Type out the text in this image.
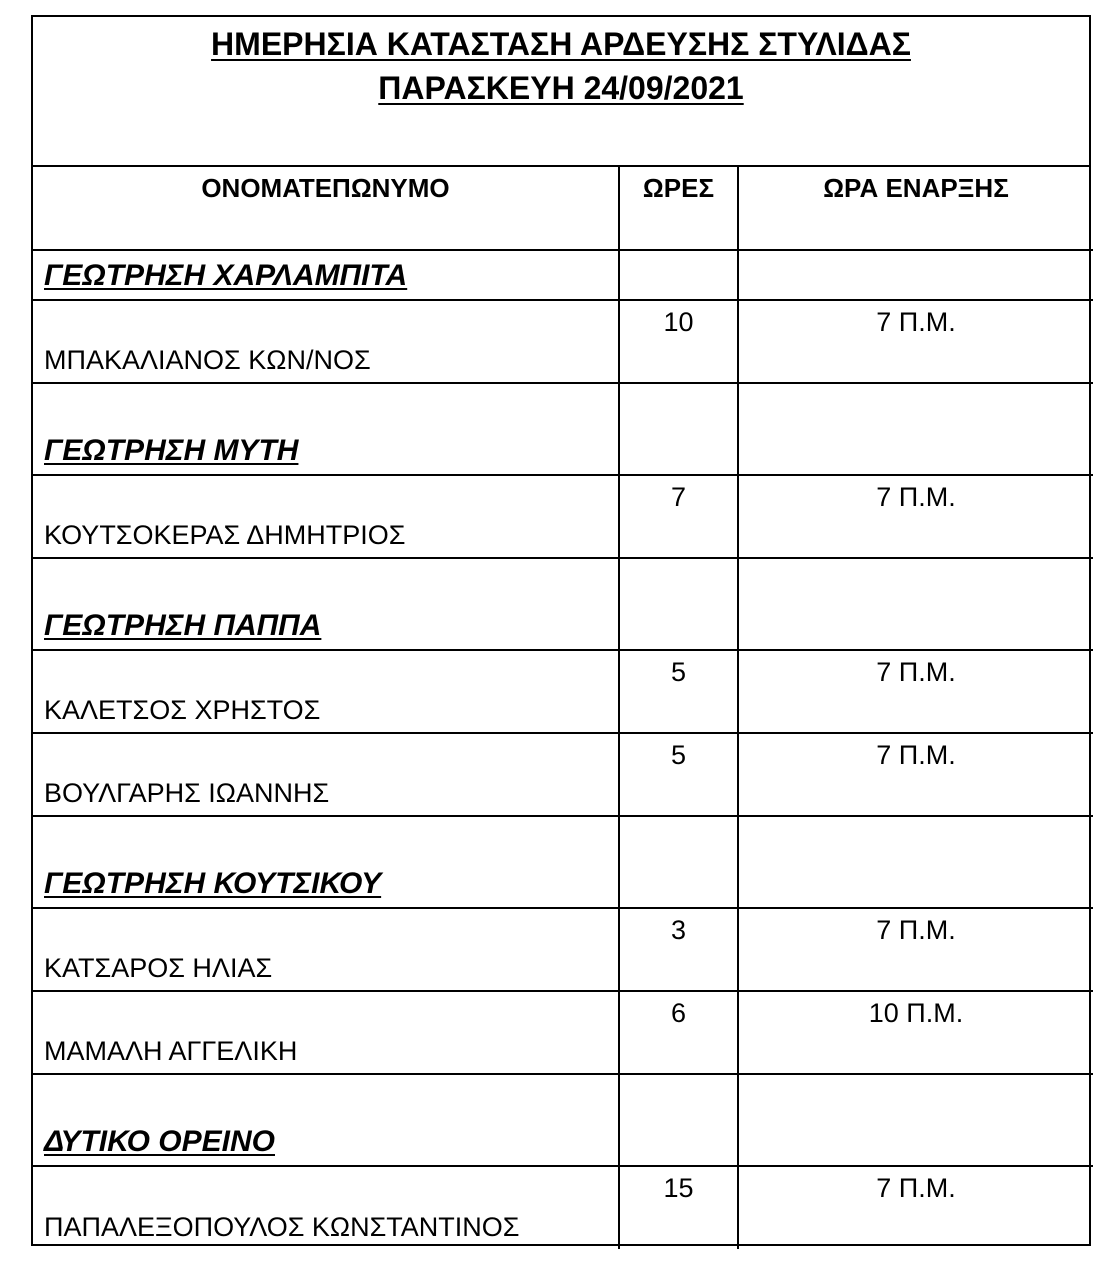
ΗΜΕΡΗΣΙΑ ΚΑΤΑΣΤΑΣΗ ΑΡΔΕΥΣΗΣ ΣΤΥΛΙΔΑΣ
ΠΑΡΑΣΚΕΥΗ 24/09/2021
ΟΝΟΜΑΤΕΠΩΝΥΜΟ	ΩΡΕΣ	ΩΡΑ ΕΝΑΡΞΗΣ

ΓΕΩΤΡΗΣΗ ΧΑΡΛΑΜΠΙΤΑ		

ΜΠΑΚΑΛΙΑΝΟΣ ΚΩΝ/ΝΟΣ	10	7 Π.Μ.

ΓΕΩΤΡΗΣΗ ΜΥΤΗ		

ΚΟΥΤΣΟΚΕΡΑΣ ΔΗΜΗΤΡΙΟΣ	7	7 Π.Μ.

ΓΕΩΤΡΗΣΗ ΠΑΠΠΑ		

ΚΑΛΕΤΣΟΣ ΧΡΗΣΤΟΣ	5	7 Π.Μ.

ΒΟΥΛΓΑΡΗΣ ΙΩΑΝΝΗΣ	5	7 Π.Μ.

ΓΕΩΤΡΗΣΗ ΚΟΥΤΣΙΚΟΥ		

ΚΑΤΣΑΡΟΣ ΗΛΙΑΣ	3	7 Π.Μ.

ΜΑΜΑΛΗ ΑΓΓΕΛΙΚΗ	6	10 Π.Μ.

ΔΥΤΙΚΟ ΟΡΕΙΝΟ		

ΠΑΠΑΛΕΞΟΠΟΥΛΟΣ ΚΩΝΣΤΑΝΤΙΝΟΣ	15	7 Π.Μ.
